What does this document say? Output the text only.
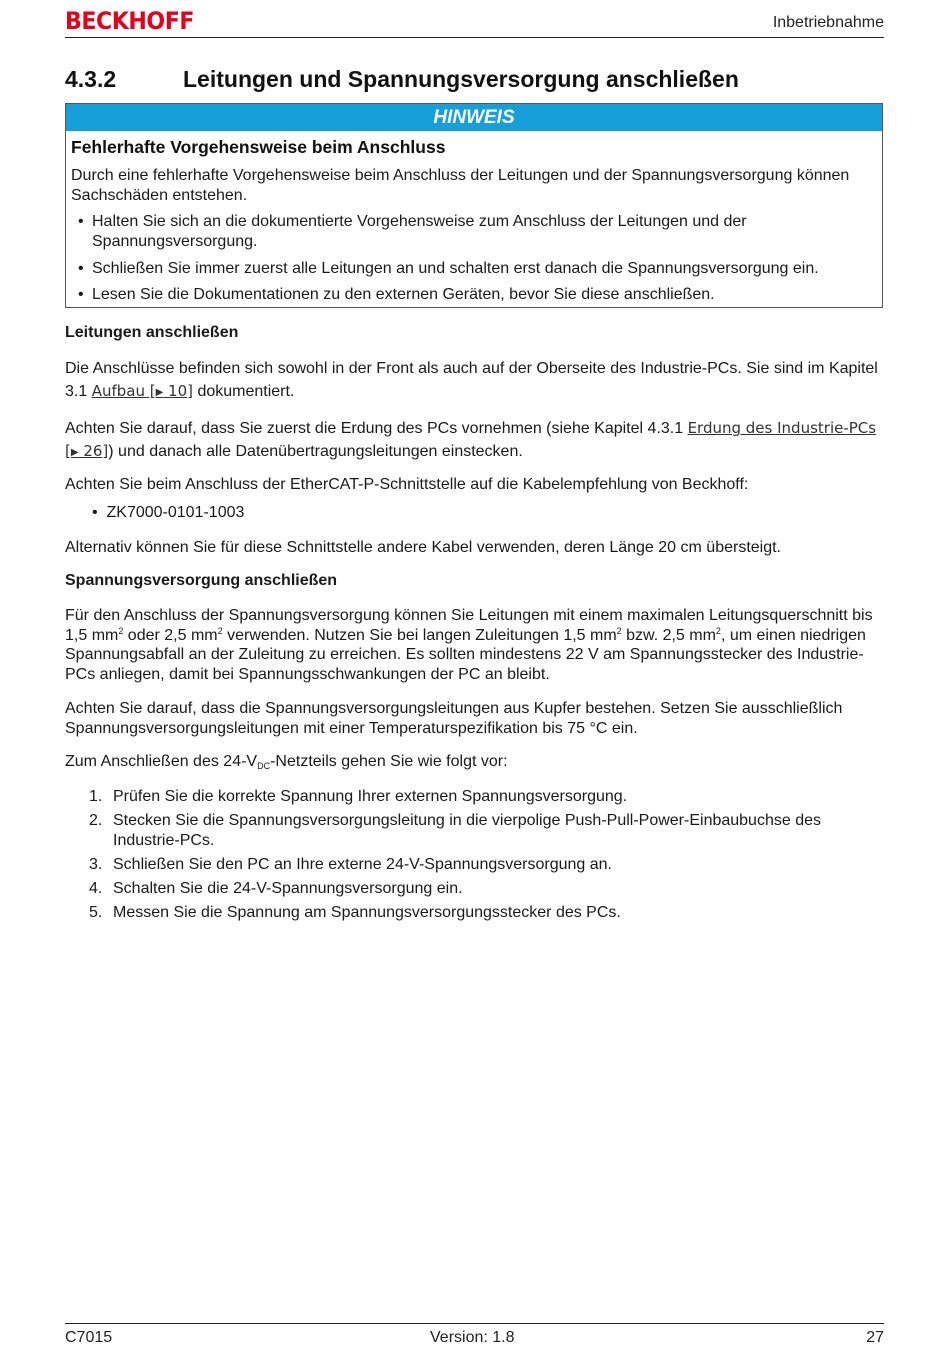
BECKHOFF	Inbetriebnahme
4.3.2	Leitungen und Spannungsversorgung anschließen
HINWEIS
Fehlerhafte Vorgehensweise beim Anschluss
Durch eine fehlerhafte Vorgehensweise beim Anschluss der Leitungen und der Spannungsversorgung können Sachschäden entstehen.
• Halten Sie sich an die dokumentierte Vorgehensweise zum Anschluss der Leitungen und der Spannungsversorgung.
• Schließen Sie immer zuerst alle Leitungen an und schalten erst danach die Spannungsversorgung ein.
• Lesen Sie die Dokumentationen zu den externen Geräten, bevor Sie diese anschließen.
Leitungen anschließen
Die Anschlüsse befinden sich sowohl in der Front als auch auf der Oberseite des Industrie-PCs. Sie sind im Kapitel 3.1 Aufbau [▶ 10] dokumentiert.
Achten Sie darauf, dass Sie zuerst die Erdung des PCs vornehmen (siehe Kapitel 4.3.1 Erdung des Industrie-PCs [▶ 26]) und danach alle Datenübertragungsleitungen einstecken.
Achten Sie beim Anschluss der EtherCAT-P-Schnittstelle auf die Kabelempfehlung von Beckhoff:
• ZK7000-0101-1003
Alternativ können Sie für diese Schnittstelle andere Kabel verwenden, deren Länge 20 cm übersteigt.
Spannungsversorgung anschließen
Für den Anschluss der Spannungsversorgung können Sie Leitungen mit einem maximalen Leitungsquerschnitt bis 1,5 $mm^2$ oder 2,5 $mm^2$ verwenden. Nutzen Sie bei langen Zuleitungen 1,5 $mm^2$ bzw. 2,5 $mm^2$, um einen niedrigen Spannungsabfall an der Zuleitung zu erreichen. Es sollten mindestens 22 V am Spannungsstecker des Industrie-PCs anliegen, damit bei Spannungsschwankungen der PC an bleibt.
Achten Sie darauf, dass die Spannungsversorgungsleitungen aus Kupfer bestehen. Setzen Sie ausschließlich Spannungsversorgungsleitungen mit einer Temperaturspezifikation bis 75 °C ein.
Zum Anschließen des $24-V_{DC}$-Netzteils gehen Sie wie folgt vor:
1. Prüfen Sie die korrekte Spannung Ihrer externen Spannungsversorgung.
2. Stecken Sie die Spannungsversorgungsleitung in die vierpolige Push-Pull-Power-Einbaubuchse des Industrie-PCs.
3. Schließen Sie den PC an Ihre externe 24-V-Spannungsversorgung an.
4. Schalten Sie die 24-V-Spannungsversorgung ein.
5. Messen Sie die Spannung am Spannungsversorgungsstecker des PCs.
C7015	Version: 1.8	27
